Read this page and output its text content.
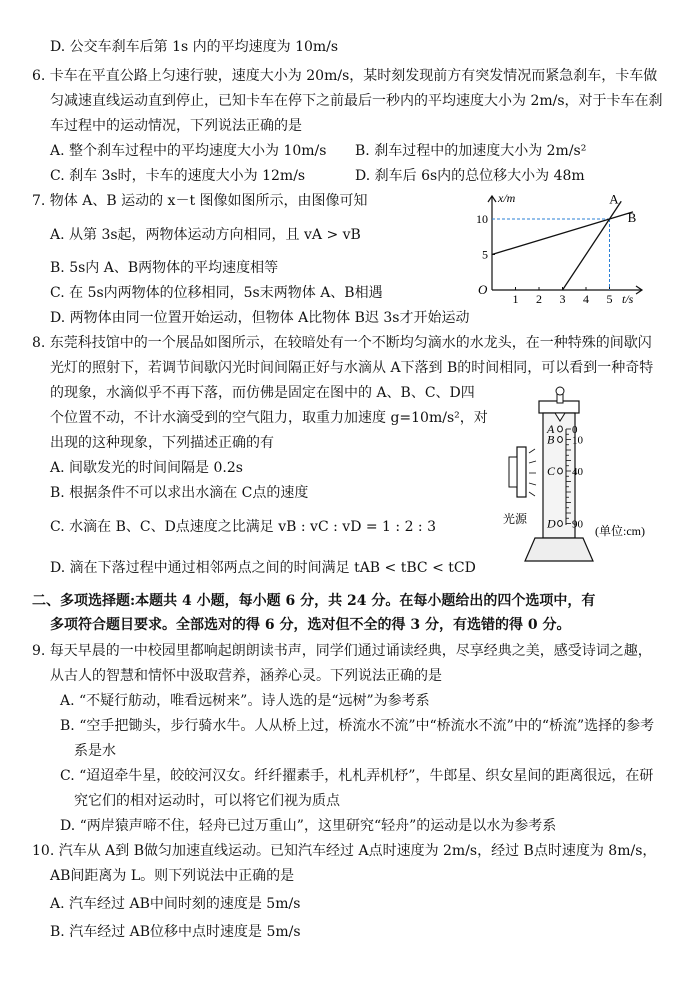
D. 公交车刹车后第 1s 内的平均速度为 10m/s
6. 卡车在平直公路上匀速行驶，速度大小为 20m/s，某时刻发现前方有突发情况而紧急刹车，卡车做
匀减速直线运动直到停止，已知卡车在停下之前最后一秒内的平均速度大小为 2m/s，对于卡车在刹
车过程中的运动情况，下列说法正确的是
A. 整个刹车过程中的平均速度大小为 10m/s B. 刹车过程中的加速度大小为 2m/s²
C. 刹车 3s时，卡车的速度大小为 12m/s	D. 刹车后 6s内的总位移大小为 48m
7. 物体 A、B 运动的 x－t 图像如图所示，由图像可知
A. 从第 3s起，两物体运动方向相同，且 vA > vB
B. 5s内 A、B两物体的平均速度相等
C. 在 5s内两物体的位移相同，5s末两物体 A、B相遇
D. 两物体由同一位置开始运动，但物体 A比物体 B迟 3s才开始运动
8. 东莞科技馆中的一个展品如图所示，在较暗处有一个不断均匀滴水的水龙头，在一种特殊的间歇闪
光灯的照射下，若调节间歇闪光时间间隔正好与水滴从 A下落到 B的时间相同，可以看到一种奇特
的现象，水滴似乎不再下落，而仿佛是固定在图中的 A、B、C、D四
个位置不动，不计水滴受到的空气阻力，取重力加速度 g=10m/s²，对
出现的这种现象，下列描述正确的有
A. 间歇发光的时间间隔是 0.2s
B. 根据条件不可以求出水滴在 C点的速度
C. 水滴在 B、C、D点速度之比满足 vB : vC : vD = 1 : 2 : 3
D. 滴在下落过程中通过相邻两点之间的时间满足 tAB < tBC < tCD
二、多项选择题:本题共 4 小题，每小题 6 分，共 24 分。在每小题给出的四个选项中，有
多项符合题目要求。全部选对的得 6 分，选对但不全的得 3 分，有选错的得 0 分。
9. 每天早晨的一中校园里都响起朗朗读书声，同学们通过诵读经典，尽享经典之美，感受诗词之趣，
从古人的智慧和情怀中汲取营养，涵养心灵。下列说法正确的是
A. “不疑行舫动，唯看远树来”。诗人选的是“远树”为参考系
B. “空手把锄头，步行骑水牛。人从桥上过，桥流水不流”中“桥流水不流”中的“桥流”选择的参考
系是水
C. “迢迢牵牛星，皎皎河汉女。纤纤擢素手，札札弄机杼”，牛郎星、织女星间的距离很远，在研
究它们的相对运动时，可以将它们视为质点
D. “两岸猿声啼不住，轻舟已过万重山”，这里研究“轻舟”的运动是以水为参考系
10. 汽车从 A到 B做匀加速直线运动。已知汽车经过 A点时速度为 2m/s，经过 B点时速度为 8m/s，
AB间距离为 L。则下列说法中正确的是
A. 汽车经过 AB中间时刻的速度是 5m/s
B. 汽车经过 AB位移中点时速度是 5m/s
x/m
t/s
O
1 2 3 4 5
5
10
A
B
光源
(单位:cm)
A 0
B 10
C 40
D 90
